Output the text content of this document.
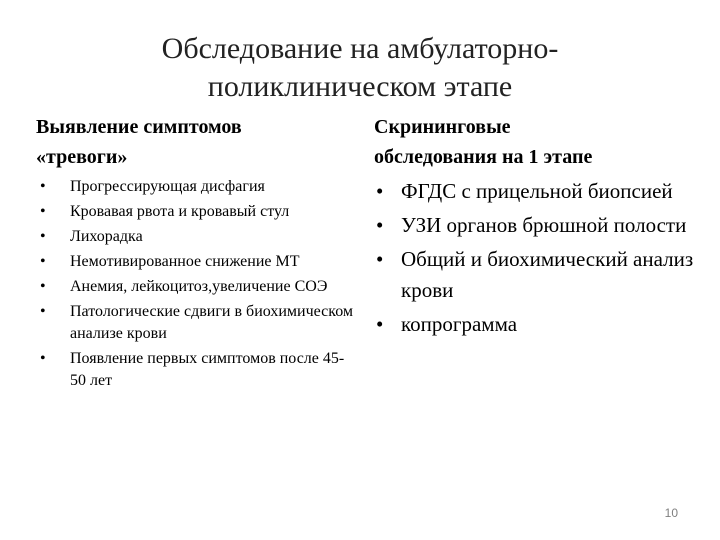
Обследование на амбулаторно-
поликлиническом этапе
Выявление симптомов
«тревоги»
Скрининговые
обследования на 1 этапе
• Прогрессирующая дисфагия
• Кровавая рвота и кровавый стул
• Лихорадка
• Немотивированное снижение МТ
• Анемия, лейкоцитоз,увеличение СОЭ
• Патологические сдвиги в биохимическом анализе крови
• Появление первых симптомов после 45-50 лет
• ФГДС с прицельной биопсией
• УЗИ органов брюшной полости
• Общий и биохимический анализ крови
• копрограмма
10
